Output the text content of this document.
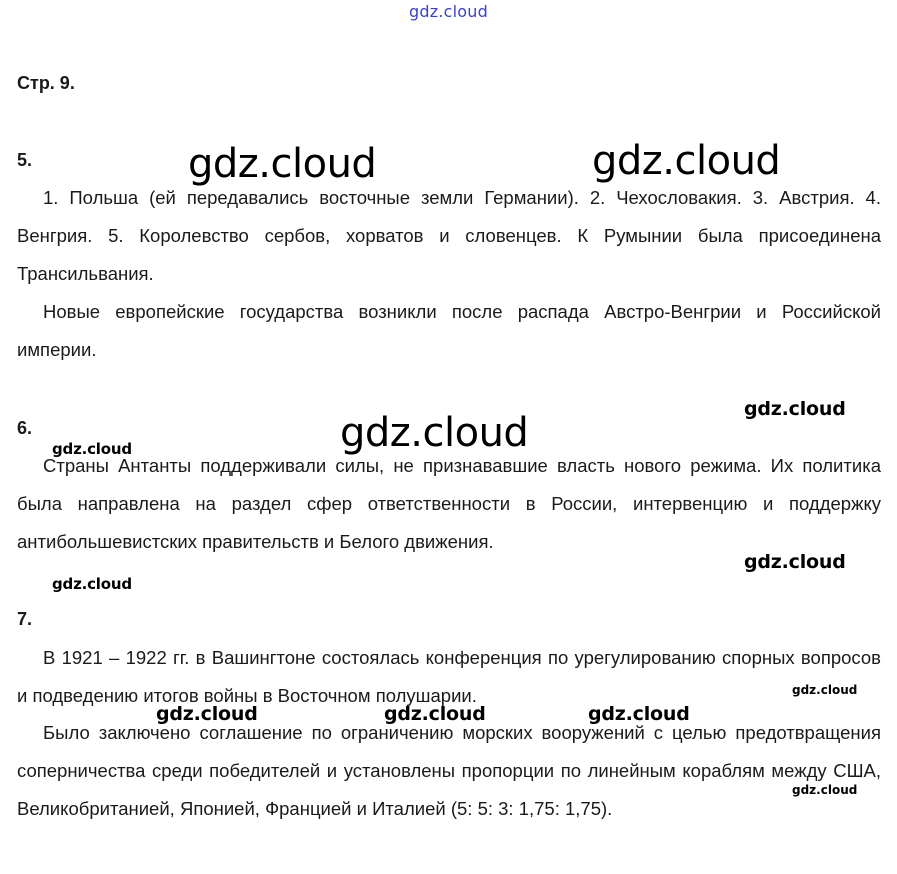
gdz.cloud
Стр. 9.
5.

1. Польша (ей передавались восточные земли Германии). 2. Чехословакия. 3. Австрия. 4. Венгрия. 5. Королевство сербов, хорватов и словенцев. К Румынии была присоединена Трансильвания.

Новые европейские государства возникли после распада Австро-Венгрии и Российской империи.

6.

Страны Антанты поддерживали силы, не признававшие власть нового режима. Их политика была направлена на раздел сфер ответственности в России, интервенцию и поддержку антибольшевистских правительств и Белого движения.

7.

В 1921 – 1922 гг. в Вашингтоне состоялась конференция по урегулированию спорных вопросов и подведению итогов войны в Восточном полушарии.

Было заключено соглашение по ограничению морских вооружений с целью предотвращения соперничества среди победителей и установлены пропорции по линейным кораблям между США, Великобританией, Японией, Францией и Италией (5: 5: 3: 1,75: 1,75).

gdz.cloud	gdz.cloud
gdz.cloud
gdz.cloud
gdz.cloud
gdz.cloud
gdz.cloud
gdz.cloud
gdz.cloud	gdz.cloud	gdz.cloud
gdz.cloud
